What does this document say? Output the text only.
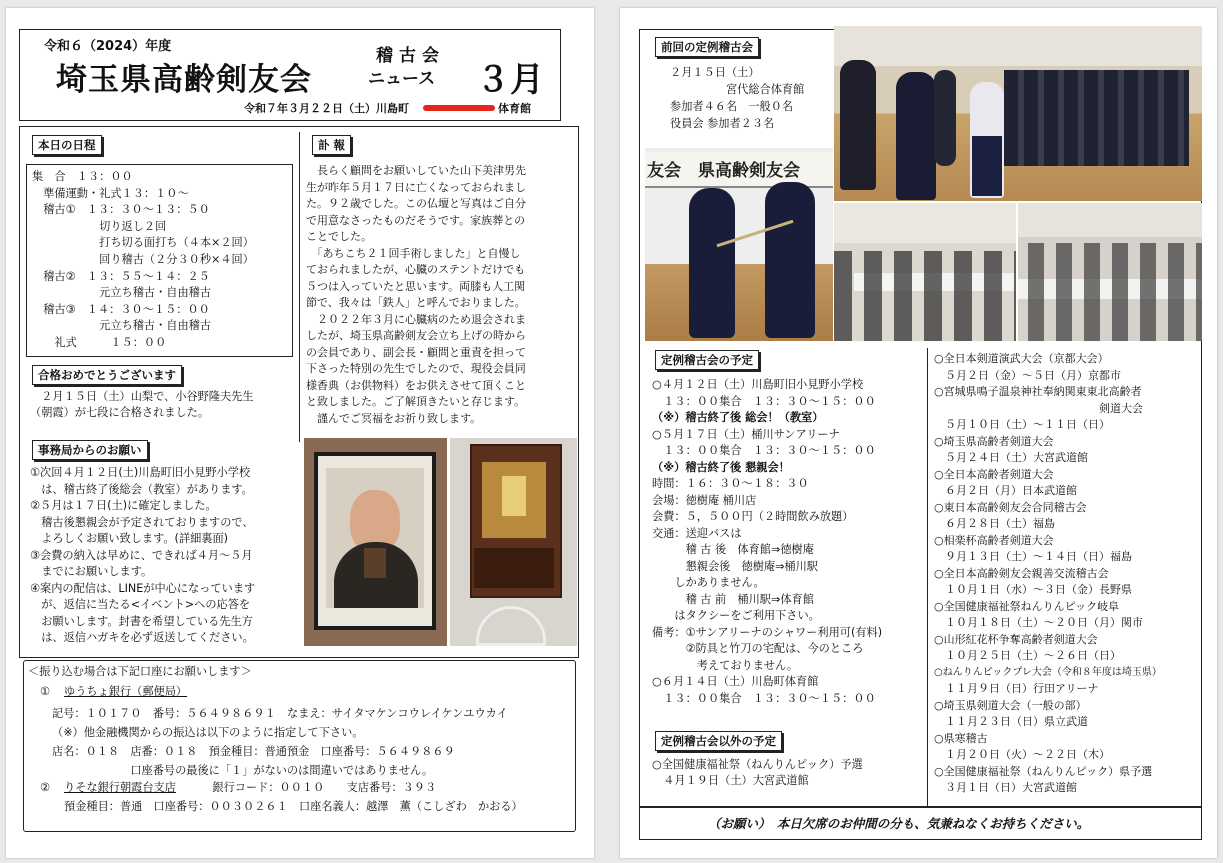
令和６（2024）年度
埼玉県高齢剣友会
稽古会
ニュース ３月
令和７年３月２２日（土）川島町	体育館
本日の日程
集　合　１３：００
　準備運動・礼式１３：１０～
　稽古①　１３：３０～１３：５０
　　　　　　切り返し２回
　　　　　　打ち切る面打ち（４本×２回）
　　　　　　回り稽古（２分３０秒×４回）
　稽古②　１３：５５～１４：２５
　　　　　　元立ち稽古・自由稽古
　稽古③　１４：３０～１５：００
　　　　　　元立ち稽古・自由稽古
　　礼式　　　１５：００
合格おめでとうございます
　２月１５日（土）山梨で、小谷野隆夫先生
（朝霞）が七段に合格されました。
事務局からのお願い
①次回４月１２日(土)川島町旧小見野小学校
　は、稽古終了後総会（教室）があります。
②５月は１７日(土)に確定しました。
　稽古後懇親会が予定されておりますので、
　よろしくお願い致します。(詳細裏面)
③会費の納入は早めに、できれば４月～５月
　までにお願いします。
④案内の配信は、LINEが中心になっています
　が、返信に当たる<イベント>への応答を
　お願いします。封書を希望している先生方
　は、返信ハガキを必ず返送してください。
訃 報
　長らく顧問をお願いしていた山下美津男先
生が昨年５月１７日に亡くなっておられまし
た。９２歳でした。この仏壇と写真はご自分
で用意なさったものだそうです。家族葬との
ことでした。
　「あちこち２１回手術しました」と自慢し
ておられましたが、心臓のステントだけでも
５つは入っていたと思います。両膝も人工関
節で、我々は「鉄人」と呼んでおりました。
　２０２２年３月に心臓病のため退会されま
したが、埼玉県高齢剣友会立ち上げの時から
の会員であり、副会長・顧問と重責を担って
下さった特別の先生でしたので、現役会員同
様香典（お供物料）をお供えさせて頂くこと
と致しました。ご了解頂きたいと存じます。
　謹んでご冥福をお祈り致します。
＜振り込む場合は下記口座にお願いします＞
① ゆうちょ銀行（郵便局）
記号：１０１７０　番号：５６４９８６９１　なまえ：サイタマケンコウレイケンユウカイ
（※）他金融機関からの振込は以下のように指定して下さい。
店名：０１８　店番：０１８　預金種目：普通預金　口座番号：５６４９８６９
　　　　　　　口座番号の最後に「１」がないのは間違いではありません。
② りそな銀行朝霞台支店 　　銀行コード：００１０　　支店番号：３９３
預金種目：普通　口座番号：００３０２６１　口座名義人：越澤　薫（こしざわ　かおる）
前回の定例稽古会
２月１５日（土）
　　　　　宮代総合体育館
参加者４６名　一般０名
役員会 参加者２３名
友会　県高齢剣友会
定例稽古会の予定
○４月１２日（土）川島町旧小見野小学校
　１３：００集合　１３：３０～１５：００
（※）稽古終了後 総会！（教室）
○５月１７日（土）桶川サンアリーナ
　１３：００集合　１３：３０～１５：００
（※）稽古終了後 懇親会！
時間：１６：３０～１８：３０
会場：徳樹庵 桶川店
会費：５，５００円（２時間飲み放題）
交通：送迎バスは
　　　稽 古 後　体育館⇒徳樹庵
　　　懇親会後　徳樹庵⇒桶川駅
　　しかありません。
　　　稽 古 前　桶川駅⇒体育館
　　はタクシーをご利用下さい。
備考：①サンアリーナのシャワー利用可(有料)
　　　②防具と竹刀の宅配は、今のところ
　　　　考えておりません。
○６月１４日（土）川島町体育館
　１３：００集合　１３：３０～１５：００
定例稽古会以外の予定
○全国健康福祉祭（ねんりんピック）予選
　４月１９日（土）大宮武道館
○全日本剣道演武大会（京都大会）
　５月２日（金）～５日（月）京都市
○宮城県鳴子温泉神社奉納関東東北高齢者
　　　　　　　　　　　　　　　剣道大会
　５月１０日（土）～１１日（日）
○埼玉県高齢者剣道大会
　５月２４日（土）大宮武道館
○全日本高齢者剣道大会
　６月２日（月）日本武道館
○東日本高齢剣友会合同稽古会
　６月２８日（土）福島
○相楽杯高齢者剣道大会
　９月１３日（土）～１４日（日）福島
○全日本高齢剣友会親善交流稽古会
　１０月１日（水）～３日（金）長野県
○全国健康福祉祭ねんりんピック岐阜
　１０月１８日（土）～２０日（月）関市
○山形紅花杯争奪高齢者剣道大会
　１０月２５日（土）～２６日（日）
○ねんりんピックプレ大会（令和８年度は埼玉県）
　１１月９日（日）行田アリーナ
○埼玉県剣道大会（一般の部）
　１１月２３日（日）県立武道
○県寒稽古
　１月２０日（火）～２２日（木）
○全国健康福祉祭（ねんりんピック）県予選
　３月１日（日）大宮武道館
（お願い）　本日欠席のお仲間の分も、気兼ねなくお持ちください。
